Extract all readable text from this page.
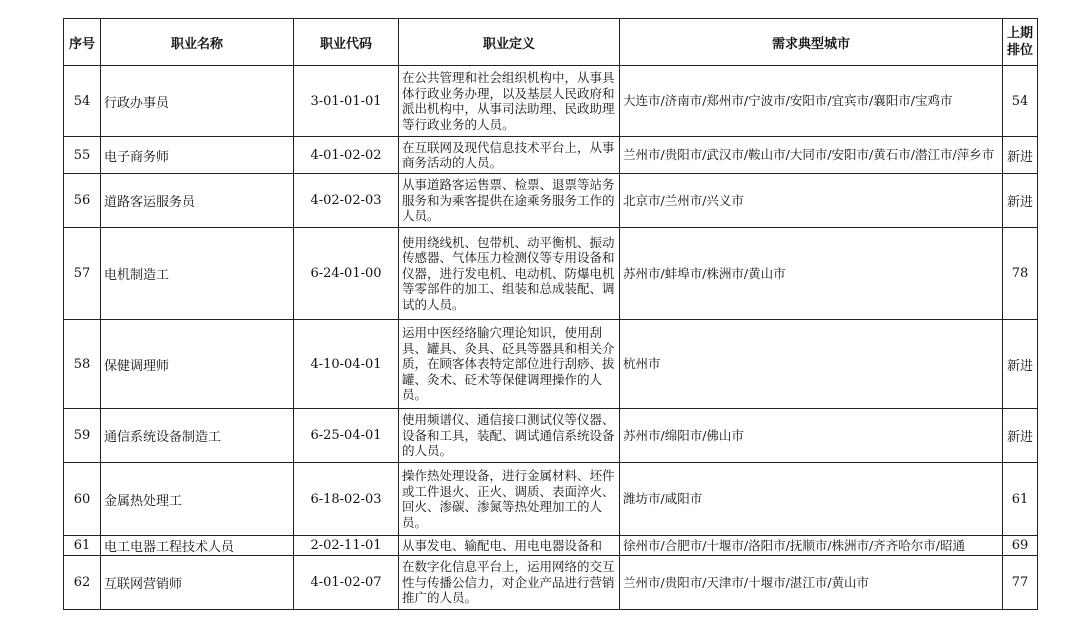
序号	职业名称	职业代码	职业定义	需求典型城市	上期排位
54	行政办事员	3-01-01-01	在公共管理和社会组织机构中，从事具体行政业务办理，以及基层人民政府和派出机构中，从事司法助理、民政助理等行政业务的人员。	大连市/济南市/郑州市/宁波市/安阳市/宜宾市/襄阳市/宝鸡市	54
55	电子商务师	4-01-02-02	在互联网及现代信息技术平台上，从事商务活动的人员。	兰州市/贵阳市/武汉市/鞍山市/大同市/安阳市/黄石市/潜江市/萍乡市	新进
56	道路客运服务员	4-02-02-03	从事道路客运售票、检票、退票等站务服务和为乘客提供在途乘务服务工作的人员。	北京市/兰州市/兴义市	新进
57	电机制造工	6-24-01-00	使用绕线机、包带机、动平衡机、振动传感器、气体压力检测仪等专用设备和仪器，进行发电机、电动机、防爆电机等零部件的加工、组装和总成装配、调试的人员。	苏州市/蚌埠市/株洲市/黄山市	78
58	保健调理师	4-10-04-01	运用中医经络腧穴理论知识，使用刮具、罐具、灸具、砭具等器具和相关介质，在顾客体表特定部位进行刮痧、拔罐、灸术、砭术等保健调理操作的人员。	杭州市	新进
59	通信系统设备制造工	6-25-04-01	使用频谱仪、通信接口测试仪等仪器、设备和工具，装配、调试通信系统设备的人员。	苏州市/绵阳市/佛山市	新进
60	金属热处理工	6-18-02-03	操作热处理设备，进行金属材料、坯件或工件退火、正火、调质、表面淬火、回火、渗碳、渗氮等热处理加工的人员。	潍坊市/咸阳市	61
61	电工电器工程技术人员	2-02-11-01	从事发电、输配电、用电电器设备和	徐州市/合肥市/十堰市/洛阳市/抚顺市/株洲市/齐齐哈尔市/昭通	69
62	互联网营销师	4-01-02-07	在数字化信息平台上，运用网络的交互性与传播公信力，对企业产品进行营销推广的人员。	兰州市/贵阳市/天津市/十堰市/湛江市/黄山市	77
